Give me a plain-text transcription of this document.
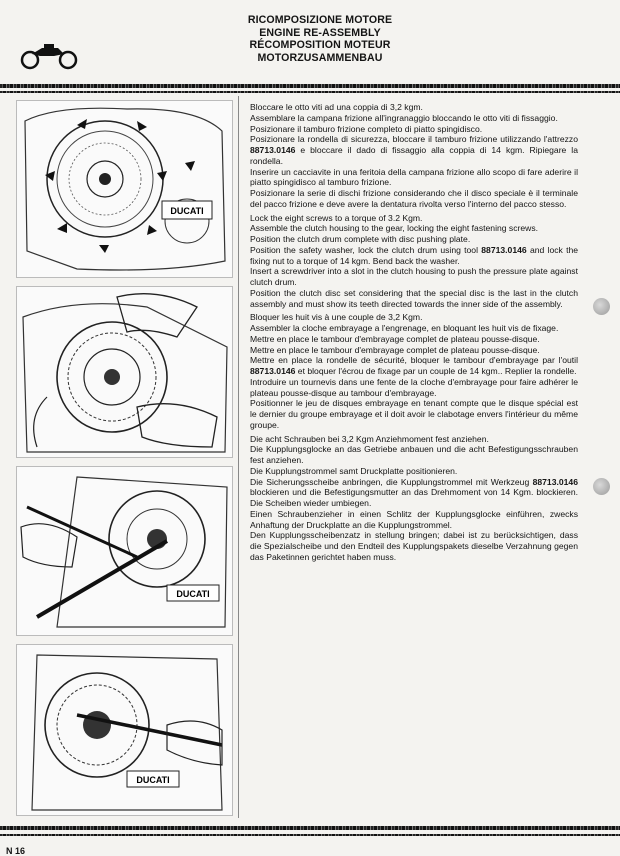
RICOMPOSIZIONE MOTORE
ENGINE RE-ASSEMBLY
RÉCOMPOSITION MOTEUR
MOTORZUSAMMENBAU
DUCATI
DUCATI
DUCATI

Bloccare le otto viti ad una coppia di 3,2 kgm.

Assemblare la campana frizione all'ingranaggio bloccando le otto viti di fissaggio.

Posizionare il tamburo frizione completo di piatto spingidisco.

Posizionare la rondella di sicurezza, bloccare il tamburo frizione utilizzando l'attrezzo 88713.0146 e bloccare il dado di fissaggio alla coppia di 14 kgm. Ripiegare la rondella.

Inserire un cacciavite in una feritoia della campana frizione allo scopo di fare aderire il piatto spingidisco al tamburo frizione.

Posizionare la serie di dischi frizione considerando che il disco speciale è il terminale del pacco frizione e deve avere la dentatura rivolta verso l'interno del pacco stesso.

Lock the eight screws to a torque of 3.2 Kgm.

Assemble the clutch housing to the gear, locking the eight fastening screws.

Position the clutch drum complete with disc pushing plate.

Position the safety washer, lock the clutch drum using tool 88713.0146 and lock the fixing nut to a torque of 14 kgm. Bend back the washer.

Insert a screwdriver into a slot in the clutch housing to push the pressure plate against clutch drum.

Position the clutch disc set considering that the special disc is the last in the clutch assembly and must show its teeth directed towards the inner side of the assembly.

Bloquer les huit vis à une couple de 3,2 Kgm.

Assembler la cloche embrayage a l'engrenage, en bloquant les huit vis de fixage.

Mettre en place le tambour d'embrayage complet de plateau pousse-disque.

Mettre en place le tambour d'embrayage complet de plateau pousse-disque.

Mettre en place la rondelle de sécurité, bloquer le tambour d'embrayage par l'outil 88713.0146 et bloquer l'écrou de fixage par un couple de 14 kgm.. Replier la rondelle.

Introduire un tournevis dans une fente de la cloche d'embrayage pour faire adhérer le plateau pousse-disque au tambour d'embrayage.

Positionner le jeu de disques embrayage en tenant compte que le disque spécial est le dernier du groupe embrayage et il doit avoir le clabotage envers l'intérieur du même groupe.

Die acht Schrauben bei 3,2 Kgm Anziehmoment fest anziehen.

Die Kupplungsglocke an das Getriebe anbauen und die acht Befestigungsschrauben fest anziehen.

Die Kupplungstrommel samt Druckplatte positionieren.

Die Sicherungsscheibe anbringen, die Kupplungstrommel mit Werkzeug 88713.0146 blockieren und die Befestigungsmutter an das Drehmoment von 14 Kgm. blockieren. Die Scheiben wieder umbiegen.

Einen Schraubenzieher in einen Schlitz der Kupplungsglocke einführen, zwecks Anhaftung der Druckplatte an die Kupplungstrommel.

Den Kupplungsscheibenzatz in stellung bringen; dabei ist zu berücksichtigen, dass die Spezialscheibe und den Endteil des Kupplungspakets dieselbe Verzahnung gegen das Paketinnen gerichtet haben muss.

N 16
